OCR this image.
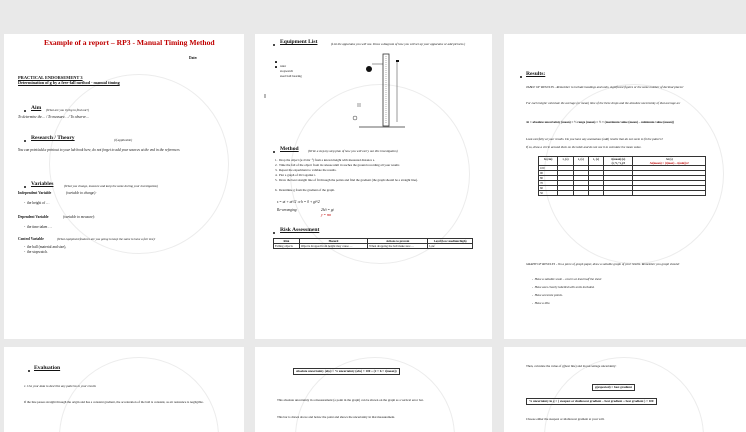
Example of a report – RP3 - Manual Timing Method
Date:
PRACTICAL ENDORSEMENT 3
Determination of g by a free-fall method - manual timing
Aim (What are you trying to find out?)
To determine the… / To measure… / To observe…
Research / Theory	(if applicable)
You can print/add a printout to your lab book here, do not forget to add your sources at the end in the references
Variables	(What you change, measure and keep the same during your investigation)
Independent Variable	(variable to change):
-  the height of …
Dependent Variable	(variable to measure):
-  the time taken …
Control Variable	(What equipment/features are you going to keep the same to have a fair test):
-  the ball (material and size),
-  the stopwatch.
Equipment List	(List the apparatus you will use. Draw a diagram of how you will set up your apparatus or add pictures.)
ruler
stopwatch
steel ball bearing
Method	(Write a step-by-step plan of how you will carry out this investigation)
1.  Drop the object (u=0 ms⁻¹) from a known height with measured distance s.
2.  Time the fall of the object from its release until it reaches the ground recording all your results
3.  Repeat the experiment to validate the results.
4.  Plot a graph of 2h/t against t.
5.  Draw the best straight line of fit through the points and find the gradient (the graph should be a straight line).
6.  Determine g from the gradient of the graph.
s = ut + at²/2 ⇒ h = 0 + gt²/2
Re-arranging	2h/t = gt
y = mx
Risk Assessment
Risk	Hazard	Actions to prevent	Level (low/ medium/high)
Falling objects	Objects dropped from height may cause …	When dropping the ball make sure …	Low
Results:
TABLE OF RESULTS - Remember to include headings and units, significant figures or the same number of decimal places!
For each height: calculate the average (or mean) time of the three drops and the absolute uncertainty of that average as:
Δt = absolute uncertainty (mean) = ½ range (mean) = ½ × (maximum value (mean) – minimum value (mean))
Look carefully at your results. Do you have any anomalous (odd) results that do not seem to fit the pattern?
If so, draw a circle around them on the table and do not use it to calculate the mean value.
h (cm)	t₁ (s)	t₂ (s)	t₃ (s)	t(mean) (s)
(t₁+t₂+t₃)/3	Δt (s)
Δt(mean) = (t(max) – t(min))/2
100					
90					
80					
70					
60					
50					
GRAPH OF RESULTS - On a piece of graph paper, draw a suitable graph of your results. Remember you graph should:
-  Have a suitable scale – covers at least half the sheet
-  Have axes clearly labelled with units included.
-  Have accurate points.
-  Have a title.
Evaluation
1. Use your data to describe any patterns in your results
If the line passes straight through the origin and has a constant gradient, the acceleration of the ball is constant, as air resistance is negligible.
absolute uncertainty (abs) = % uncertainty (abs) × 100 ÷ (2 × h × t(mean))
This absolute uncertainty in a measurement (a point in the graph) can be shown on the graph as a vertical error bar.
This bar is drawn above and below the point and shows the uncertainty in that measurement.
Then, calculate the value of g(best line) and its percentage uncertainty:
g(expected) = best gradient
% uncertainty in g = ( steepest or shallowest gradient – best gradient ÷ best gradient ) × 100
Choose either the steepest or shallowest gradient at your will.
